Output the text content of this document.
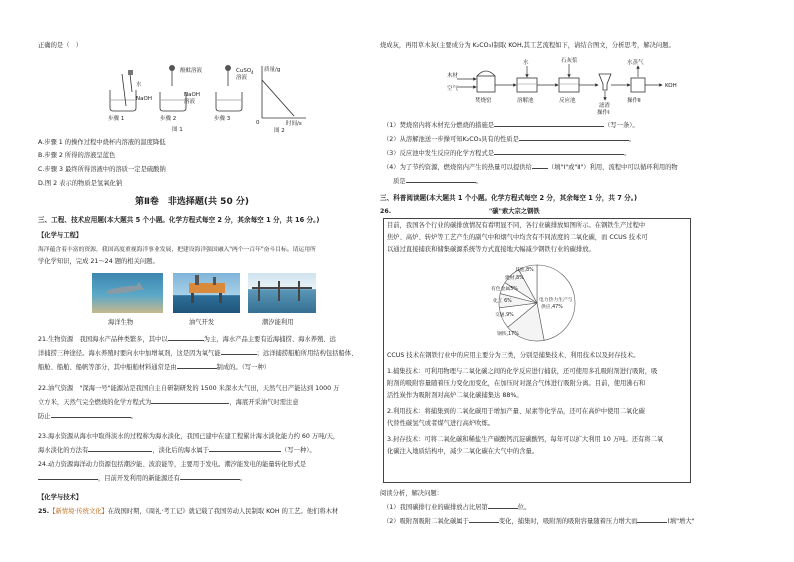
正确的是（　）
水
NaOH
酚酞溶液
NaOH
溶液
CuSO 4
溶液
步骤 1	步骤 2	步骤 3
图 1
质量/g
时间/s
0
图 2
A.步骤 1 的操作过程中烧杯内溶液的温度降低
B.步骤 2 所得的溶液呈蓝色
C.步骤 3 最终所得溶液中的溶质一定是硫酸钠
D.图 2 表示的物质是氢氧化钠
第Ⅱ卷　非选择题(共 50 分)
三、工程、技术应用题(本大题共 5 个小题。化学方程式每空 2 分，其余每空 1 分，共 16 分。)
【化学与工程】
海洋蕴含着丰富的资源，我国高度重视海洋事业发展，把建设海洋强国融入"两个一百年"奋斗目标。请运用所
学化学知识，完成 21～24 题的相关问题。
海洋生物	油气开发	潮汐能利用
21.生物资源　我国海水产品种类繁多，其中以	为主，海水产品主要有近海捕捞、海水养殖、远
洋捕捞三种途径。海水养殖时要向水中加增氧剂，这是因为氧气能	；远洋捕捞船舶所用结构包括船体、
船舱、船舶、船帆等部分，其中船舶材料通常是由	制成的。（写一种）
22.油气资源　"深海一号"能源站是我国自主自研制研发的 1500 米深水大气田，天然气日产能达到 1000 万
立方米，天然气完全燃烧的化学方程式为	，海底开采油气时需注意
防止	。
23.海水资源从海水中取得淡水的过程称为海水淡化，我国已建中在建工程累计海水淡化能力约 60 万吨/天，
海水淡化的方法有	，淡化后的海水属于	（写一种）。
24.动力资源海洋动力资源包括潮汐能、波浪能等，主要用于发电。潮汐能发电的能量转化形式是
，目前开发利用的新能源还有	。
【化学与技术】
25.【新情境·传统文化】在战国时期，《周礼·考工记》就记载了我国劳动人民制取 KOH 的工艺。他们将木材
烧成灰，再用草木灰(主要成分为 K₂CO₃)制取 KOH,其工艺流程如下，请结合图文，分析思考，解决问题。
木材
空气
水	石灰浆	水蒸气
焚烧窑	溶解池	反应池
滤渣
操作Ⅰ
操作Ⅱ
KOH
（1）焚烧窑内将木材充分燃烧的措施是	（写一条）。
（2）从溶解池送一步操可知K₂CO₃具有的性质是	。
（3）反应池中发生反应的化学方程式是	。
（4）为了节约资源，燃烧窑内产生的热量可以提供给	（填"Ⅰ"或"Ⅱ"）利用，流程中可以循环利用的物
质是	。
三、科普阅读题(本大题共 1 个小题。化学方程式每空 2 分，其余每空 1 分，共 7 分。)
26.	"碳"索大宗之钢铁
目前，我国各个行业的碳排放情况有看明显不同，各行业碳排放如图所示。在钢铁生产过程中
焦炉、高炉、转炉等工艺产生的副气中和烟气中均含有不同浓度的二氧化碳，而 CCUS 技术可
以通过直接捕获和储集碳源系统等方式直接地大幅减少钢铁行业的碳排放。
电力热力生产与
供应,47%
钢铁,17%
交通,9%
化工 6%
有色金属5%
建材,8%
其他,8%
CCUS 技术在钢铁行业中的应用主要分为三类，分别是捕集技术、利用技术以及封存技术。
1.捕集技术：可利用物理与二氧化碳之间的化学反应进行捕获，还可使用多孔吸附剂进行吸附，吸
附剂的吸附容量随着压力变化而变化，在加压时对混合气体进行吸附分离。目前，使用沸石和
活性炭作为吸附剂对高炉二氧化碳捕集达 88%。
2.利用技术：将捕集到的二氧化碳用于增加产量、尿素等化学品，还可在高炉中使用二氧化碳
代替性碳氢气或者煤气进行高炉吹炼。
3.封存技术：可将二氧化碳和稀盐生产碳酸钙沉淀碳酸钙，每年可以扩大利用 10 万吨。还有将二氧
化碳注入地质结构中，减少二氧化碳在大气中的含量。
阅读分析，解决问题：
（1）我国碳排行业的碳排放占比居第	位。
（2）吸附剂吸附二氧化碳属于	变化，捕集时，吸附剂的吸附容量随着压力增大而	(填"增大"
